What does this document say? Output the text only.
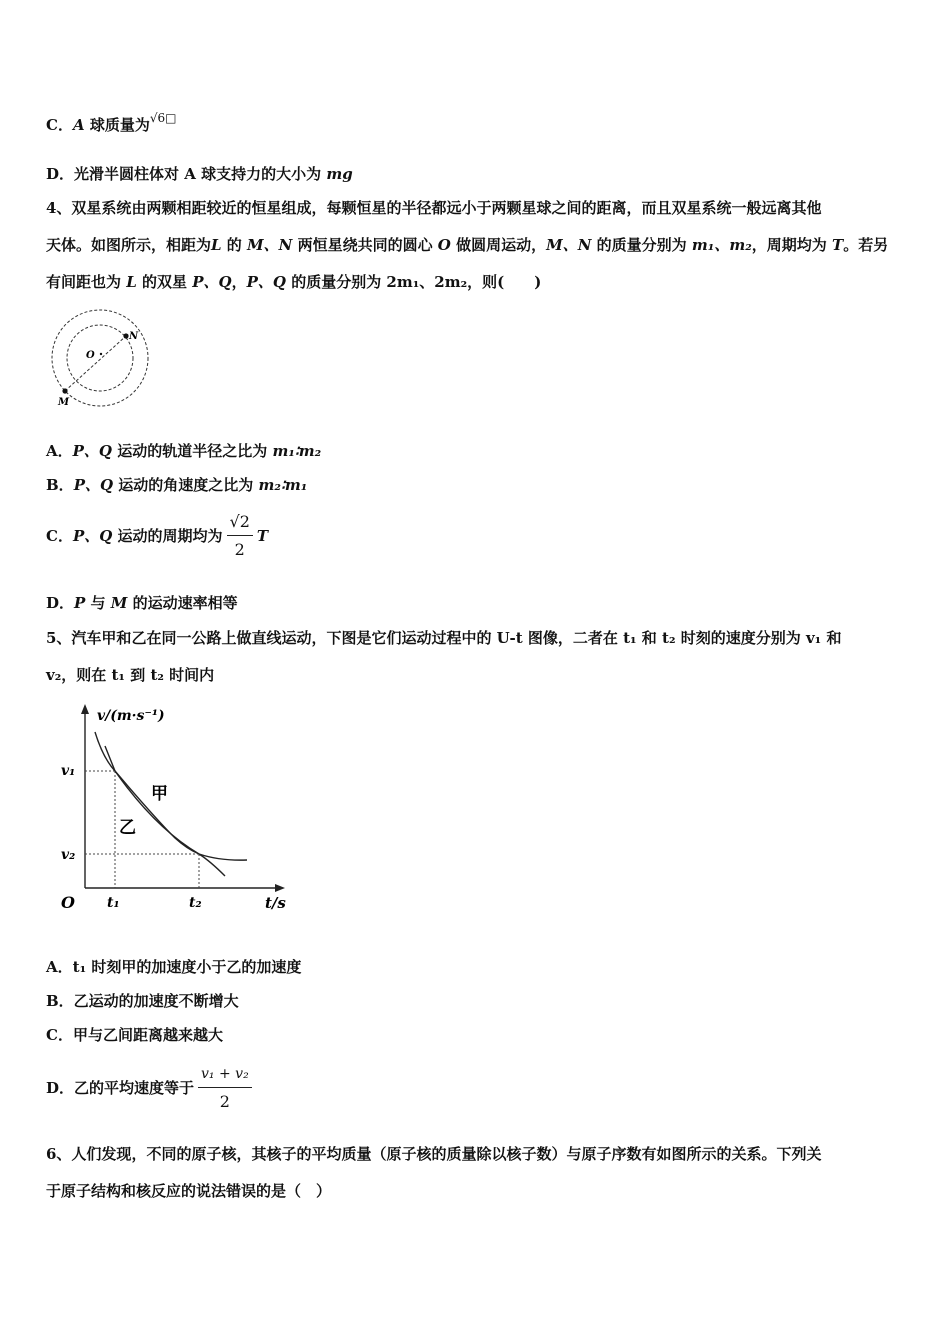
C．A 球质量为$^{√6□}$
D．光滑半圆柱体对 A 球支持力的大小为 mg
4、双星系统由两颗相距较近的恒星组成，每颗恒星的半径都远小于两颗星球之间的距离，而且双星系统一般远离其他
天体。如图所示，相距为L 的 M、N 两恒星绕共同的圆心 O 做圆周运动，M、N 的质量分别为 m₁、m₂，周期均为 T。若另
有间距也为 L 的双星 P、Q，P、Q 的质量分别为 2m₁、2m₂，则(　　)
O
N
M
A．P、Q 运动的轨道半径之比为 m₁∶m₂
B．P、Q 运动的角速度之比为 m₂∶m₁
C．P、Q 运动的周期均为 $\frac{√2}{2}$ T
D．P 与 M 的运动速率相等
5、汽车甲和乙在同一公路上做直线运动，下图是它们运动过程中的 U-t 图像，二者在 t₁ 和 t₂ 时刻的速度分别为 v₁ 和
v₂，则在 t₁ 到 t₂ 时间内
v/(m·s⁻¹)
t/s
O
v₁
v₂
t₁	t₂
甲
乙
A．t₁ 时刻甲的加速度小于乙的加速度
B．乙运动的加速度不断增大
C．甲与乙间距离越来越大
D．乙的平均速度等于 $\frac{\text{v₁ + v₂}}{2}$
6、人们发现，不同的原子核，其核子的平均质量（原子核的质量除以核子数）与原子序数有如图所示的关系。下列关
于原子结构和核反应的说法错误的是（　）
